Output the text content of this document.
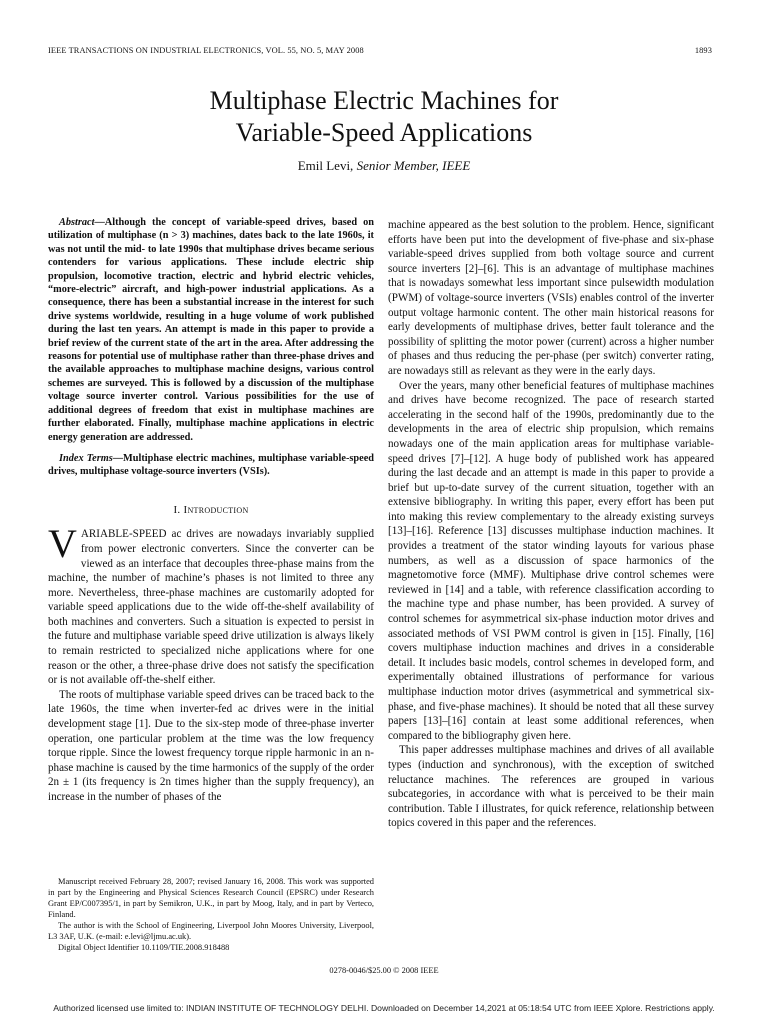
IEEE TRANSACTIONS ON INDUSTRIAL ELECTRONICS, VOL. 55, NO. 5, MAY 2008	1893
Multiphase Electric Machines for
Variable-Speed Applications
Emil Levi, Senior Member, IEEE

Abstract—Although the concept of variable-speed drives, based on utilization of multiphase (n > 3) machines, dates back to the late 1960s, it was not until the mid- to late 1990s that multiphase drives became serious contenders for various applications. These include electric ship propulsion, locomotive traction, electric and hybrid electric vehicles, “more-electric” aircraft, and high-power industrial applications. As a consequence, there has been a substantial increase in the interest for such drive systems worldwide, resulting in a huge volume of work published during the last ten years. An attempt is made in this paper to provide a brief review of the current state of the art in the area. After addressing the reasons for potential use of multiphase rather than three-phase drives and the available approaches to multiphase machine designs, various control schemes are surveyed. This is followed by a discussion of the multiphase voltage source inverter control. Various possibilities for the use of additional degrees of freedom that exist in multiphase machines are further elaborated. Finally, multiphase machine applications in electric energy generation are addressed.

Index Terms—Multiphase electric machines, multiphase variable-speed drives, multiphase voltage-source inverters (VSIs).

I. Introduction

VARIABLE-SPEED ac drives are nowadays invariably supplied from power electronic converters. Since the converter can be viewed as an interface that decouples three-phase mains from the machine, the number of machine’s phases is not limited to three any more. Nevertheless, three-phase machines are customarily adopted for variable speed applications due to the wide off-the-shelf availability of both machines and converters. Such a situation is expected to persist in the future and multiphase variable speed drive utilization is always likely to remain restricted to specialized niche applications where for one reason or the other, a three-phase drive does not satisfy the specification or is not available off-the-shelf either.

The roots of multiphase variable speed drives can be traced back to the late 1960s, the time when inverter-fed ac drives were in the initial development stage [1]. Due to the six-step mode of three-phase inverter operation, one particular problem at the time was the low frequency torque ripple. Since the lowest frequency torque ripple harmonic in an n-phase machine is caused by the time harmonics of the supply of the order 2n ± 1 (its frequency is 2n times higher than the supply frequency), an increase in the number of phases of the

machine appeared as the best solution to the problem. Hence, significant efforts have been put into the development of five-phase and six-phase variable-speed drives supplied from both voltage source and current source inverters [2]–[6]. This is an advantage of multiphase machines that is nowadays somewhat less important since pulsewidth modulation (PWM) of voltage-source inverters (VSIs) enables control of the inverter output voltage harmonic content. The other main historical reasons for early developments of multiphase drives, better fault tolerance and the possibility of splitting the motor power (current) across a higher number of phases and thus reducing the per-phase (per switch) converter rating, are nowadays still as relevant as they were in the early days.

Over the years, many other beneficial features of multiphase machines and drives have become recognized. The pace of research started accelerating in the second half of the 1990s, predominantly due to the developments in the area of electric ship propulsion, which remains nowadays one of the main application areas for multiphase variable-speed drives [7]–[12]. A huge body of published work has appeared during the last decade and an attempt is made in this paper to provide a brief but up-to-date survey of the current situation, together with an extensive bibliography. In writing this paper, every effort has been put into making this review complementary to the already existing surveys [13]–[16]. Reference [13] discusses multiphase induction machines. It provides a treatment of the stator winding layouts for various phase numbers, as well as a discussion of space harmonics of the magnetomotive force (MMF). Multiphase drive control schemes were reviewed in [14] and a table, with reference classification according to the machine type and phase number, has been provided. A survey of control schemes for asymmetrical six-phase induction motor drives and associated methods of VSI PWM control is given in [15]. Finally, [16] covers multiphase induction machines and drives in a considerable detail. It includes basic models, control schemes in developed form, and experimentally obtained illustrations of performance for various multiphase induction motor drives (asymmetrical and symmetrical six-phase, and five-phase machines). It should be noted that all these survey papers [13]–[16] contain at least some additional references, when compared to the bibliography given here.

This paper addresses multiphase machines and drives of all available types (induction and synchronous), with the exception of switched reluctance machines. The references are grouped in various subcategories, in accordance with what is perceived to be their main contribution. Table I illustrates, for quick reference, relationship between topics covered in this paper and the references.

Manuscript received February 28, 2007; revised January 16, 2008. This work was supported in part by the Engineering and Physical Sciences Research Council (EPSRC) under Research Grant EP/C007395/1, in part by Semikron, U.K., in part by Moog, Italy, and in part by Verteco, Finland.

The author is with the School of Engineering, Liverpool John Moores University, Liverpool, L3 3AF, U.K. (e-mail: e.levi@ljmu.ac.uk).

Digital Object Identifier 10.1109/TIE.2008.918488

0278-0046/$25.00 © 2008 IEEE
Authorized licensed use limited to: INDIAN INSTITUTE OF TECHNOLOGY DELHI. Downloaded on December 14,2021 at 05:18:54 UTC from IEEE Xplore. Restrictions apply.
